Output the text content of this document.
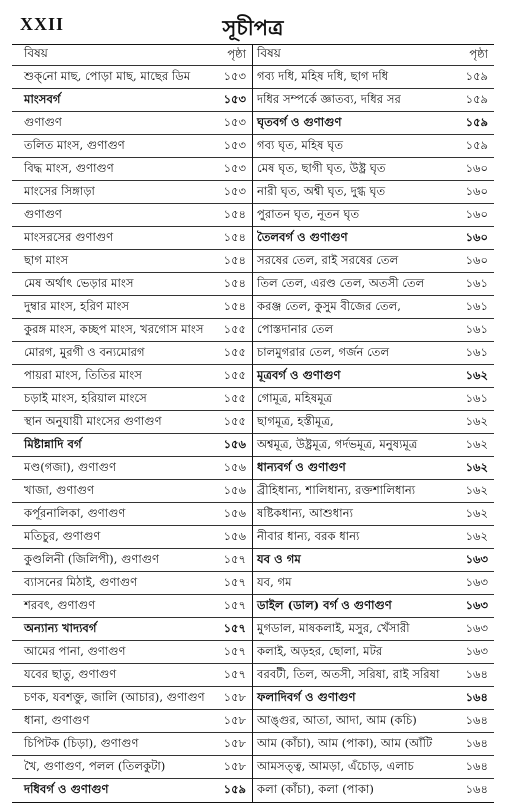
XXII	সূচীপত্র
বিষয়	পৃষ্ঠা
শুক্‌নো মাছ, পোড়া মাছ, মাছের ডিম	১৫৩
মাংসবর্গ	১৫৩
গুণাগুণ	১৫৩
তলিত মাংস, গুণাগুণ	১৫৩
বিদ্ধ মাংস, গুণাগুণ	১৫৩
মাংসের সিঙ্গাড়া	১৫৩
গুণাগুণ	১৫৪
মাংসরসের গুণাগুণ	১৫৪
ছাগ মাংস	১৫৪
মেষ অর্থাৎ ভেড়ার মাংস	১৫৪
দুম্বার মাংস, হরিণ মাংস	১৫৪
কুরঙ্গ মাংস, কচ্ছপ মাংস, খরগোস মাংস	১৫৫
মোরগ, মুরগী ও বন্যমোরগ	১৫৫
পায়রা মাংস, তিতির মাংস	১৫৫
চড়াই মাংস, হরিয়াল মাংসে	১৫৫
স্থান অনুযায়ী মাংসের গুণাগুণ	১৫৫
মিষ্টান্নাদি বর্গ	১৫৬
মণ্ড(গজা), গুণাগুণ	১৫৬
খাজা, গুণাগুণ	১৫৬
কর্পূরনালিকা, গুণাগুণ	১৫৬
মতিচুর, গুণাগুণ	১৫৬
কুণ্ডলিনী (জিলিপী), গুণাগুণ	১৫৭
ব্যাসনের মিঠাই, গুণাগুণ	১৫৭
শরবৎ, গুণাগুণ	১৫৭
অন্যান্য খাদ্যবর্গ	১৫৭
আমের পানা, গুণাগুণ	১৫৭
যবের ছাতু, গুণাগুণ	১৫৭
চণক, যবশক্তু, জালি (আচার), গুণাগুণ	১৫৮
ধানা, গুণাগুণ	১৫৮
চিপিটক (চিড়া), গুণাগুণ	১৫৮
খৈ, গুণাগুণ, পলল (তিলকুটা)	১৫৮
দধিবর্গ ও গুণাগুণ	১৫৯
বিষয়	পৃষ্ঠা
গব্য দধি, মহিষ দধি, ছাগ দধি	১৫৯
দধির সম্পর্কে জ্ঞাতব্য, দধির সর	১৫৯
ঘৃতবর্গ ও গুণাগুণ	১৫৯
গব্য ঘৃত, মহিষ ঘৃত	১৫৯
মেষ ঘৃত, ছাগী ঘৃত, উষ্ট্র ঘৃত	১৬০
নারী ঘৃত, অশ্বী ঘৃত, দুগ্ধ ঘৃত	১৬০
পুরাতন ঘৃত, নূতন ঘৃত	১৬০
তৈলবর্গ ও গুণাগুণ	১৬০
সরষের তেল, রাই সরষের তেল	১৬০
তিল তেল, এরণ্ড তেল, অতসী তেল	১৬১
করঞ্জ তেল, কুসুম বীজের তেল,	১৬১
পোস্তদানার তেল	১৬১
চালমুগরার তেল, গর্জন তেল	১৬১
মূত্রবর্গ ও গুণাগুণ	১৬২
গোমূত্র, মহিষমূত্র	১৬১
ছাগমূত্র, হস্তীমূত্র,	১৬২
অশ্বমূত্র, উষ্ট্রমূত্র, গর্দভমূত্র, মনুষ্যমূত্র	১৬২
ধান্যবর্গ ও গুণাগুণ	১৬২
ব্রীহিধান্য, শালিধান্য, রক্তশালিধান্য	১৬২
ষষ্টিকধান্য, আশুধান্য	১৬২
নীবার ধান্য, বরক ধান্য	১৬২
যব ও গম	১৬৩
যব, গম	১৬৩
ডাইল (ডাল) বর্গ ও গুণাগুণ	১৬৩
মুগডাল, মাষকলাই, মসুর, খেঁসারী	১৬৩
কলাই, অড়হর, ছোলা, মটর	১৬৩
বরবটী, তিল, অতসী, সরিষা, রাই সরিষা	১৬৪
ফলাদিবর্গ ও গুণাগুণ	১৬৪
আঙ্গুর, আতা, আদা, আম (কচি)	১৬৪
আম (কাঁচা), আম (পাকা), আম (আঁটি	১৬৪
আমসত্ত্ব, আমড়া, এঁচোড়, এলাচ	১৬৪
কলা (কাঁচা), কলা (পাকা)	১৬৪
